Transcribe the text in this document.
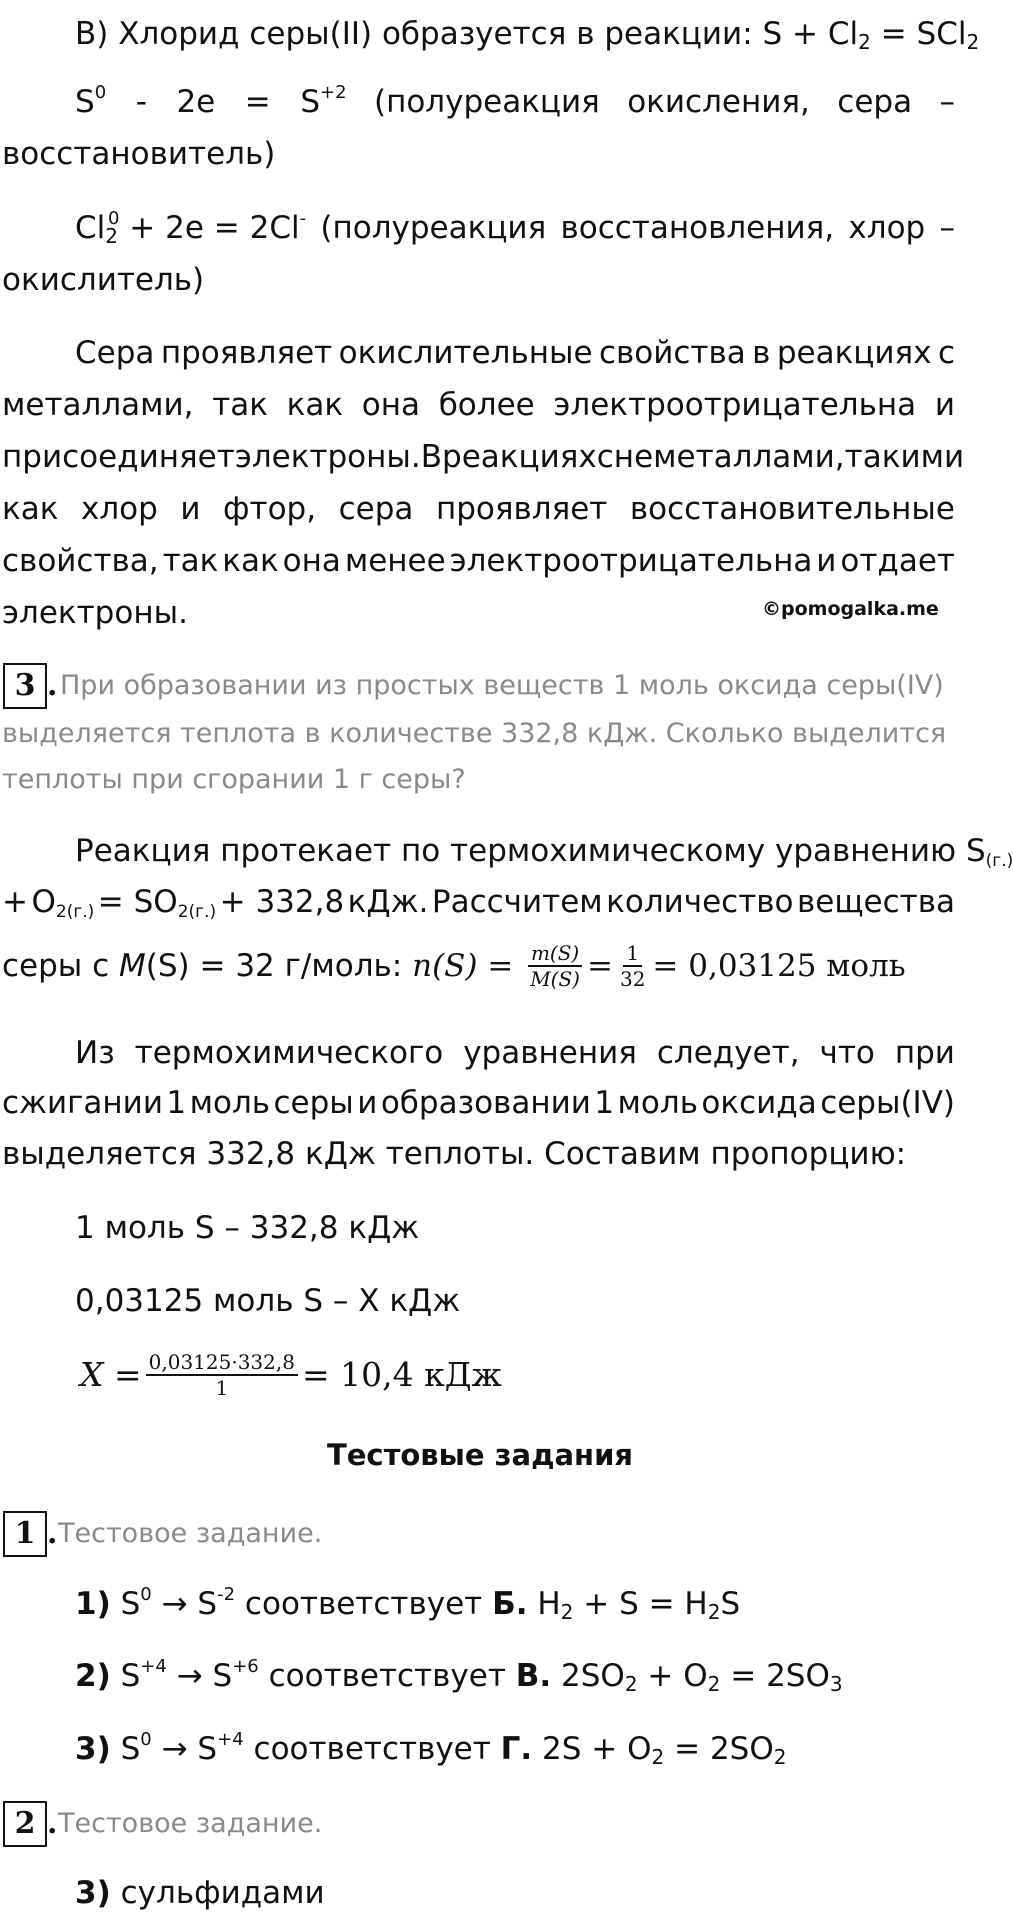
В) Хлорид серы(II) образуется в реакции: $S + Cl_2 = SCl_2$
$S^0 - 2e = S^{+2}$ (полуреакция окисления, сера –
восстановитель)
$Cl_2^0 + 2e = 2Cl^-$ (полуреакция восстановления, хлор –
окислитель)
Сера проявляет окислительные свойства в реакциях с
металлами, так как она более электроотрицательна и
присоединяет электроны. В реакциях с неметаллами, такими
как хлор и фтор, сера проявляет восстановительные
свойства, так как она менее электроотрицательна и отдает
электроны.	©pomogalka.me
3 . При образовании из простых веществ 1 моль оксида серы(IV)
выделяется теплота в количестве 332,8 кДж. Сколько выделится
теплоты при сгорании 1 г серы?
Реакция протекает по термохимическому уравнению $S_{(г.)}$
+ $O_{2(г.)} = SO_{2(г.)} + 332,8$ кДж. Рассчитем количество вещества
серы с M (S) = 32 г/моль: $n(S) = \frac{m(S)}{M(S)} = \frac{1}{32} = 0,03125$ моль
Из термохимического уравнения следует, что при
сжигании 1 моль серы и образовании 1 моль оксида серы(IV)
выделяется 332,8 кДж теплоты. Составим пропорцию:
1 моль S – 332,8 кДж
0,03125 моль S – X кДж
$X = \frac{0,03125\cdot 332,8}{1} = 10,4$ кДж
Тестовые задания
1 . Тестовое задание.
1) $S^0 \to S^{-2}$ соответствует Б. $H_2 + S = H_2S$
2) $S^{+4} \to S^{+6}$ соответствует В. $2SO_2 + O_2 = 2SO_3$
3) $S^0 \to S^{+4}$ соответствует Г. $2S + O_2 = 2SO_2$
2 . Тестовое задание.
3) сульфидами
